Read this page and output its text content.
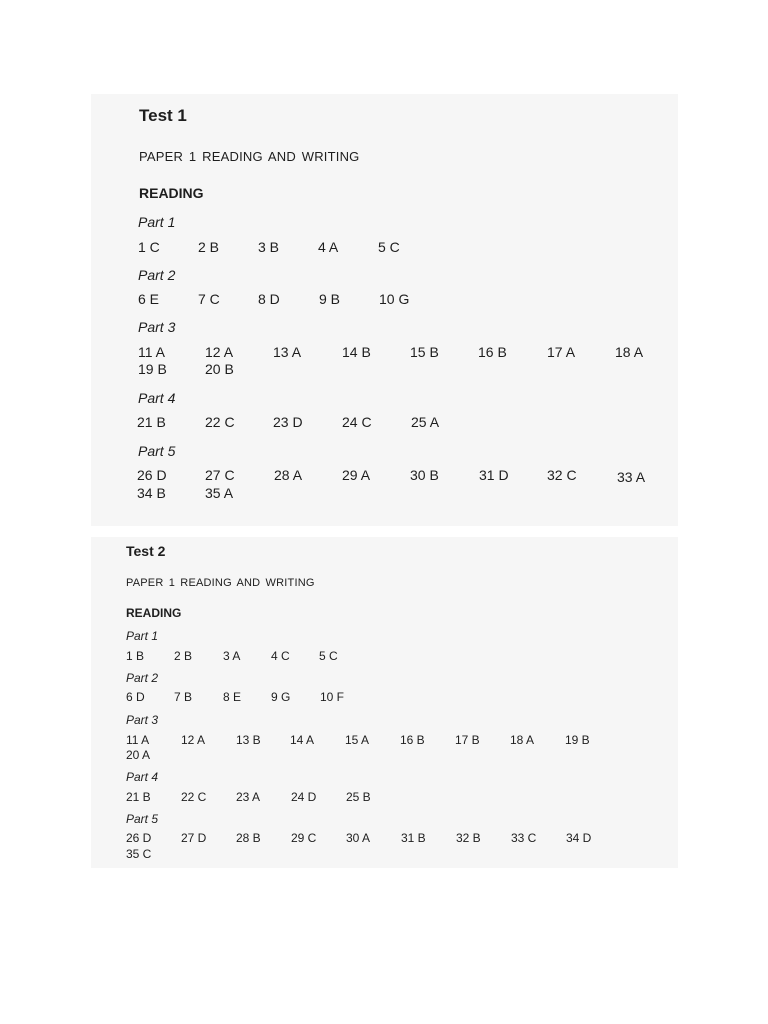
Test 1
PAPER 1 READING AND WRITING
READING
Part 1
1 C	2 B	3 B	4 A	5 C
Part 2
6 E	7 C	8 D	9 B	10 G
Part 3
11 A	12 A	13 A	14 B	15 B	16 B	17 A	18 A
19 B	20 B
Part 4
21 B	22 C	23 D	24 C	25 A
Part 5
26 D	27 C	28 A	29 A	30 B	31 D	32 C	33 A
34 B	35 A
Test 2
PAPER 1 READING AND WRITING
READING
Part 1
1 B 2 B	3 A	4 C 5 C
Part 2
6 D 7 B	8 E 9 G 10 F
Part 3
11 A	12 A	13 B 14 A	15 A	16 B	17 B	18 A	19 B
20 A
Part 4
21 B	22 C 23 A	24 D 25 B
Part 5
26 D 27 D 28 B	29 C 30 A	31 B	32 B	33 C 34 D
35 C
